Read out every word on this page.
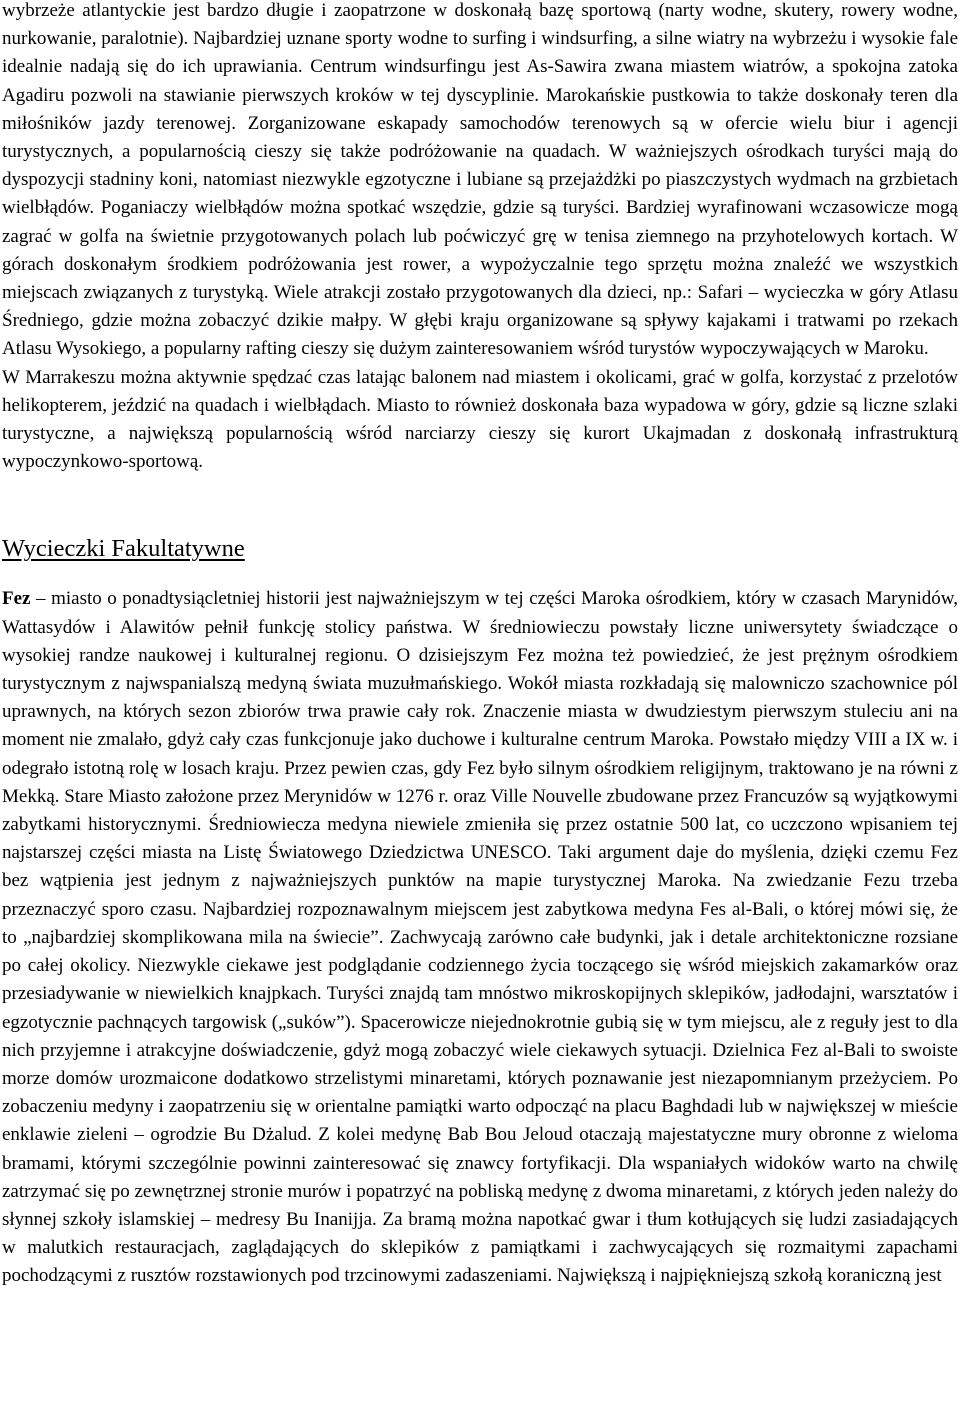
wybrzeże atlantyckie jest bardzo długie i zaopatrzone w doskonałą bazę sportową (narty wodne, skutery, rowery wodne, nurkowanie, paralotnie). Najbardziej uznane sporty wodne to surfing i windsurfing, a silne wiatry na wybrzeżu i wysokie fale idealnie nadają się do ich uprawiania. Centrum windsurfingu jest As-Sawira zwana miastem wiatrów, a spokojna zatoka Agadiru pozwoli na stawianie pierwszych kroków w tej dyscyplinie. Marokańskie pustkowia to także doskonały teren dla miłośników jazdy terenowej. Zorganizowane eskapady samochodów terenowych są w ofercie wielu biur i agencji turystycznych, a popularnością cieszy się także podróżowanie na quadach. W ważniejszych ośrodkach turyści mają do dyspozycji stadniny koni, natomiast niezwykle egzotyczne i lubiane są przejażdżki po piaszczystych wydmach na grzbietach wielbłądów. Poganiaczy wielbłądów można spotkać wszędzie, gdzie są turyści. Bardziej wyrafinowani wczasowicze mogą zagrać w golfa na świetnie przygotowanych polach lub poćwiczyć grę w tenisa ziemnego na przyhotelowych kortach. W górach doskonałym środkiem podróżowania jest rower, a wypożyczalnie tego sprzętu można znaleźć we wszystkich miejscach związanych z turystyką. Wiele atrakcji zostało przygotowanych dla dzieci, np.: Safari – wycieczka w góry Atlasu Średniego, gdzie można zobaczyć dzikie małpy. W głębi kraju organizowane są spływy kajakami i tratwami po rzekach Atlasu Wysokiego, a popularny rafting cieszy się dużym zainteresowaniem wśród turystów wypoczywających w Maroku.

W Marrakeszu można aktywnie spędzać czas latając balonem nad miastem i okolicami, grać w golfa, korzystać z przelotów helikopterem, jeździć na quadach i wielbłądach. Miasto to również doskonała baza wypadowa w góry, gdzie są liczne szlaki turystyczne, a największą popularnością wśród narciarzy cieszy się kurort Ukajmadan z doskonałą infrastrukturą wypoczynkowo-sportową.

Wycieczki Fakultatywne

Fez – miasto o ponadtysiącletniej historii jest najważniejszym w tej części Maroka ośrodkiem, który w czasach Marynidów, Wattasydów i Alawitów pełnił funkcję stolicy państwa. W średniowieczu powstały liczne uniwersytety świadczące o wysokiej randze naukowej i kulturalnej regionu. O dzisiejszym Fez można też powiedzieć, że jest prężnym ośrodkiem turystycznym z najwspanialszą medyną świata muzułmańskiego. Wokół miasta rozkładają się malowniczo szachownice pól uprawnych, na których sezon zbiorów trwa prawie cały rok. Znaczenie miasta w dwudziestym pierwszym stuleciu ani na moment nie zmalało, gdyż cały czas funkcjonuje jako duchowe i kulturalne centrum Maroka. Powstało między VIII a IX w. i odegrało istotną rolę w losach kraju. Przez pewien czas, gdy Fez było silnym ośrodkiem religijnym, traktowano je na równi z Mekką. Stare Miasto założone przez Merynidów w 1276 r. oraz Ville Nouvelle zbudowane przez Francuzów są wyjątkowymi zabytkami historycznymi. Średniowiecza medyna niewiele zmieniła się przez ostatnie 500 lat, co uczczono wpisaniem tej najstarszej części miasta na Listę Światowego Dziedzictwa UNESCO. Taki argument daje do myślenia, dzięki czemu Fez bez wątpienia jest jednym z najważniejszych punktów na mapie turystycznej Maroka. Na zwiedzanie Fezu trzeba przeznaczyć sporo czasu. Najbardziej rozpoznawalnym miejscem jest zabytkowa medyna Fes al-Bali, o której mówi się, że to „najbardziej skomplikowana mila na świecie”. Zachwycają zarówno całe budynki, jak i detale architektoniczne rozsiane po całej okolicy. Niezwykle ciekawe jest podglądanie codziennego życia toczącego się wśród miejskich zakamarków oraz przesiadywanie w niewielkich knajpkach. Turyści znajdą tam mnóstwo mikroskopijnych sklepików, jadłodajni, warsztatów i egzotycznie pachnących targowisk („suków”). Spacerowicze niejednokrotnie gubią się w tym miejscu, ale z reguły jest to dla nich przyjemne i atrakcyjne doświadczenie, gdyż mogą zobaczyć wiele ciekawych sytuacji. Dzielnica Fez al-Bali to swoiste morze domów urozmaicone dodatkowo strzelistymi minaretami, których poznawanie jest niezapomnianym przeżyciem. Po zobaczeniu medyny i zaopatrzeniu się w orientalne pamiątki warto odpocząć na placu Baghdadi lub w największej w mieście enklawie zieleni – ogrodzie Bu Dżalud. Z kolei medynę Bab Bou Jeloud otaczają majestatyczne mury obronne z wieloma bramami, którymi szczególnie powinni zainteresować się znawcy fortyfikacji. Dla wspaniałych widoków warto na chwilę zatrzymać się po zewnętrznej stronie murów i popatrzyć na pobliską medynę z dwoma minaretami, z których jeden należy do słynnej szkoły islamskiej – medresy Bu Inanijja. Za bramą można napotkać gwar i tłum kotłujących się ludzi zasiadających w malutkich restauracjach, zaglądających do sklepików z pamiątkami i zachwycających się rozmaitymi zapachami pochodzącymi z rusztów rozstawionych pod trzcinowymi zadaszeniami. Największą i najpiękniejszą szkołą koraniczną jest
